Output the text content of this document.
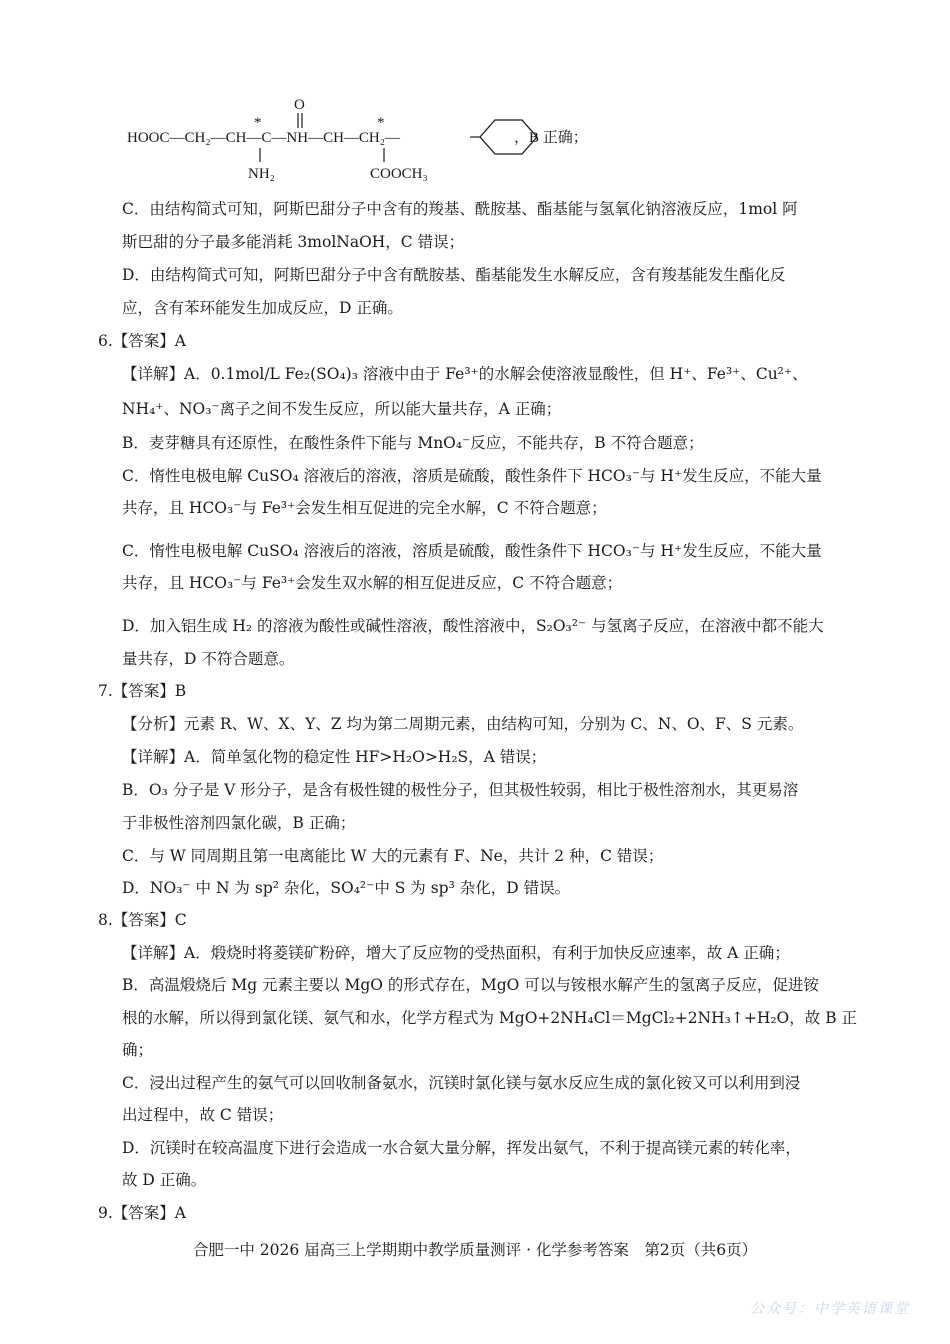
O
*	*
HOOC—CH₂—CH—C—NH—CH—CH₂—
NH₂	COOCH₃
，B 正确；
C．由结构简式可知，阿斯巴甜分子中含有的羧基、酰胺基、酯基能与氢氧化钠溶液反应，1mol 阿
斯巴甜的分子最多能消耗 3molNaOH，C 错误；
D．由结构简式可知，阿斯巴甜分子中含有酰胺基、酯基能发生水解反应，含有羧基能发生酯化反
应，含有苯环能发生加成反应，D 正确。
6.【答案】A
【详解】A．0.1mol/L Fe₂(SO₄)₃ 溶液中由于 Fe³⁺的水解会使溶液显酸性，但 H⁺、Fe³⁺、Cu²⁺、
NH₄⁺、NO₃⁻离子之间不发生反应，所以能大量共存，A 正确；
B．麦芽糖具有还原性，在酸性条件下能与 MnO₄⁻反应，不能共存，B 不符合题意；
C．惰性电极电解 CuSO₄ 溶液后的溶液，溶质是硫酸，酸性条件下 HCO₃⁻与 H⁺发生反应，不能大量
共存，且 HCO₃⁻与 Fe³⁺会发生相互促进的完全水解，C 不符合题意；
C．惰性电极电解 CuSO₄ 溶液后的溶液，溶质是硫酸，酸性条件下 HCO₃⁻与 H⁺发生反应，不能大量
共存，且 HCO₃⁻与 Fe³⁺会发生双水解的相互促进反应，C 不符合题意；
D．加入铝生成 H₂ 的溶液为酸性或碱性溶液，酸性溶液中，S₂O₃²⁻ 与氢离子反应，在溶液中都不能大
量共存，D 不符合题意。
7.【答案】B
【分析】元素 R、W、X、Y、Z 均为第二周期元素，由结构可知，分别为 C、N、O、F、S 元素。
【详解】A．简单氢化物的稳定性 HF>H₂O>H₂S，A 错误；
B．O₃ 分子是 V 形分子，是含有极性键的极性分子，但其极性较弱，相比于极性溶剂水，其更易溶
于非极性溶剂四氯化碳，B 正确；
C．与 W 同周期且第一电离能比 W 大的元素有 F、Ne，共计 2 种，C 错误；
D．NO₃⁻ 中 N 为 sp² 杂化，SO₄²⁻中 S 为 sp³ 杂化，D 错误。
8.【答案】C
【详解】A．煅烧时将菱镁矿粉碎，增大了反应物的受热面积，有利于加快反应速率，故 A 正确；
B．高温煅烧后 Mg 元素主要以 MgO 的形式存在，MgO 可以与铵根水解产生的氢离子反应，促进铵
根的水解，所以得到氯化镁、氨气和水，化学方程式为 MgO+2NH₄Cl＝MgCl₂+2NH₃↑+H₂O，故 B 正
确；
C．浸出过程产生的氨气可以回收制备氨水，沉镁时氯化镁与氨水反应生成的氯化铵又可以利用到浸
出过程中，故 C 错误；
D．沉镁时在较高温度下进行会造成一水合氨大量分解，挥发出氨气，不利于提高镁元素的转化率，
故 D 正确。
9.【答案】A
合肥一中 2026 届高三上学期期中教学质量测评 · 化学参考答案　第2页（共6页）
公众号：中学英语课堂
